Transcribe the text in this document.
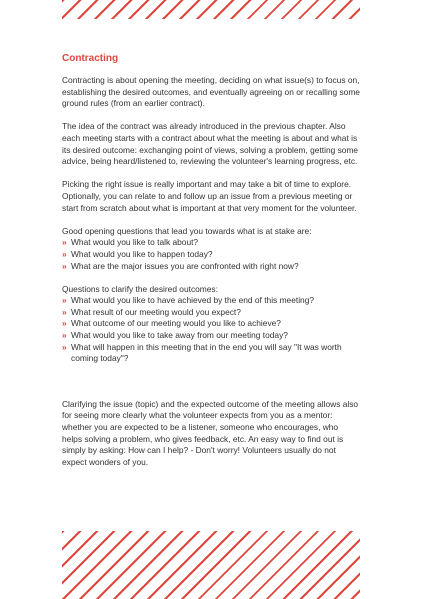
Contracting

Contracting is about opening the meeting, deciding on what issue(s) to focus on, establishing the desired outcomes, and eventually agreeing on or recalling some ground rules (from an earlier contract).

The idea of the contract was already introduced in the previous chapter. Also each meeting starts with a contract about what the meeting is about and what is its desired outcome: exchanging point of views, solving a problem, getting some advice, being heard/listened to, reviewing the volunteer's learning progress, etc.

Picking the right issue is really important and may take a bit of time to explore. Optionally, you can relate to and follow up an issue from a previous meeting or start from scratch about what is important at that very moment for the volunteer.

Good opening questions that lead you towards what is at stake are:

» What would you like to talk about?
» What would you like to happen today?
» What are the major issues you are confronted with right now?

Questions to clarify the desired outcomes:

» What would you like to have achieved by the end of this meeting?
» What result of our meeting would you expect?
» What outcome of our meeting would you like to achieve?
» What would you like to take away from our meeting today?
» What will happen in this meeting that in the end you will say "It was worth coming today"?

Clarifying the issue (topic) and the expected outcome of the meeting allows also for seeing more clearly what the volunteer expects from you as a mentor: whether you are expected to be a listener, someone who encourages, who helps solving a problem, who gives feedback, etc. An easy way to find out is simply by asking: How can I help? - Don't worry! Volunteers usually do not expect wonders of you.
